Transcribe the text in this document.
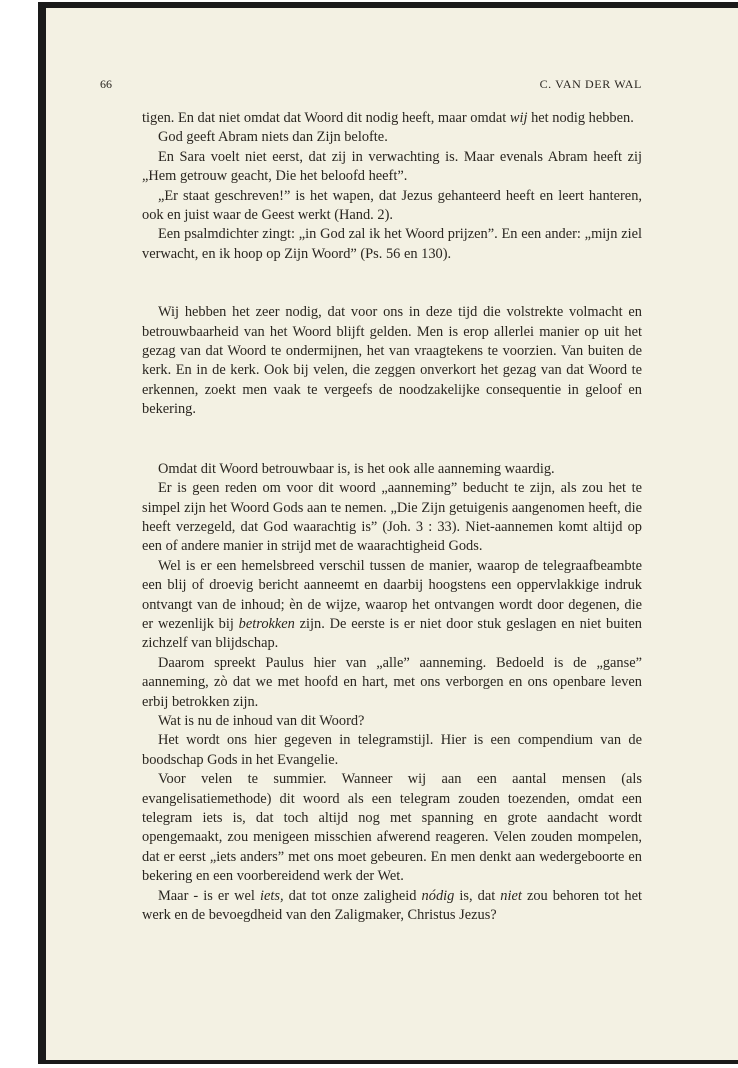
66	C. VAN DER WAL

tigen. En dat niet omdat dat Woord dit nodig heeft, maar omdat wij het nodig hebben.

God geeft Abram niets dan Zijn belofte.

En Sara voelt niet eerst, dat zij in verwachting is. Maar evenals Abram heeft zij „Hem getrouw geacht, Die het beloofd heeft”.

„Er staat geschreven!” is het wapen, dat Jezus gehanteerd heeft en leert hanteren, ook en juist waar de Geest werkt (Hand. 2).

Een psalmdichter zingt: „in God zal ik het Woord prijzen”. En een ander: „mijn ziel verwacht, en ik hoop op Zijn Woord” (Ps. 56 en 130).

Wij hebben het zeer nodig, dat voor ons in deze tijd die volstrekte volmacht en betrouwbaarheid van het Woord blijft gelden. Men is erop allerlei manier op uit het gezag van dat Woord te ondermijnen, het van vraagtekens te voorzien. Van buiten de kerk. En in de kerk. Ook bij velen, die zeggen onverkort het gezag van dat Woord te erkennen, zoekt men vaak te vergeefs de noodzakelijke consequentie in geloof en bekering.

Omdat dit Woord betrouwbaar is, is het ook alle aanneming waardig.

Er is geen reden om voor dit woord „aanneming” beducht te zijn, als zou het te simpel zijn het Woord Gods aan te nemen. „Die Zijn getuigenis aangenomen heeft, die heeft verzegeld, dat God waarachtig is” (Joh. 3 : 33). Niet-aannemen komt altijd op een of andere manier in strijd met de waarachtigheid Gods.

Wel is er een hemelsbreed verschil tussen de manier, waarop de telegraafbeambte een blij of droevig bericht aanneemt en daarbij hoogstens een oppervlakkige indruk ontvangt van de inhoud; èn de wijze, waarop het ontvangen wordt door degenen, die er wezenlijk bij betrokken zijn. De eerste is er niet door stuk geslagen en niet buiten zichzelf van blijdschap.

Daarom spreekt Paulus hier van „alle” aanneming. Bedoeld is de „ganse” aanneming, zò dat we met hoofd en hart, met ons verborgen en ons openbare leven erbij betrokken zijn.

Wat is nu de inhoud van dit Woord?

Het wordt ons hier gegeven in telegramstijl. Hier is een compendium van de boodschap Gods in het Evangelie.

Voor velen te summier. Wanneer wij aan een aantal mensen (als evangelisatiemethode) dit woord als een telegram zouden toezenden, omdat een telegram iets is, dat toch altijd nog met spanning en grote aandacht wordt opengemaakt, zou menigeen misschien afwerend reageren. Velen zouden mompelen, dat er eerst „iets anders” met ons moet gebeuren. En men denkt aan wedergeboorte en bekering en een voorbereidend werk der Wet.

Maar - is er wel iets, dat tot onze zaligheid nódig is, dat niet zou behoren tot het werk en de bevoegdheid van den Zaligmaker, Christus Jezus?
